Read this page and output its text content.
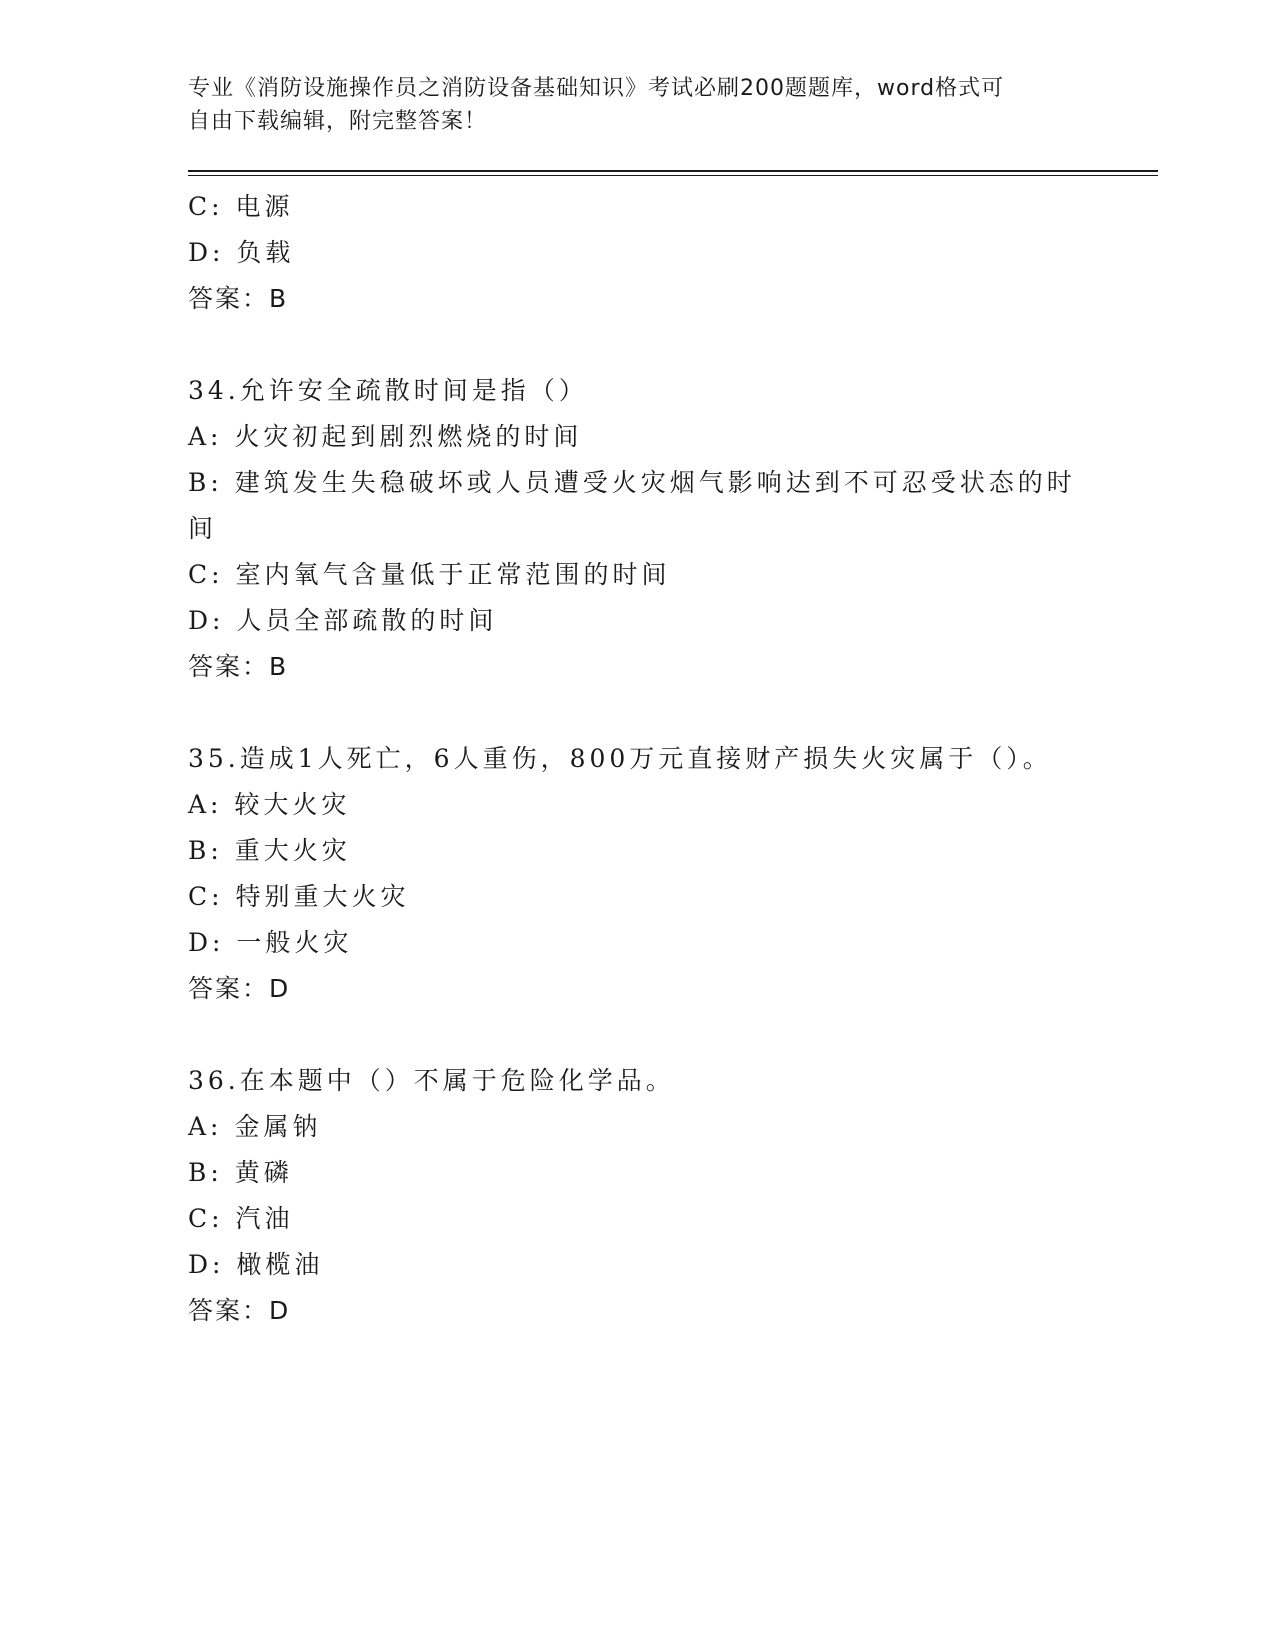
专业《消防设施操作员之消防设备基础知识》考试必刷200题题库，word格式可
自由下载编辑，附完整答案！
C: 电源
D: 负载
答案：B
34.允许安全疏散时间是指（）
A: 火灾初起到剧烈燃烧的时间
B: 建筑发生失稳破坏或人员遭受火灾烟气影响达到不可忍受状态的时
间
C: 室内氧气含量低于正常范围的时间
D: 人员全部疏散的时间
答案：B
35.造成1人死亡，6人重伤，800万元直接财产损失火灾属于（）。
A: 较大火灾
B: 重大火灾
C: 特别重大火灾
D: 一般火灾
答案：D
36.在本题中（）不属于危险化学品。
A: 金属钠
B: 黄磷
C: 汽油
D: 橄榄油
答案：D
